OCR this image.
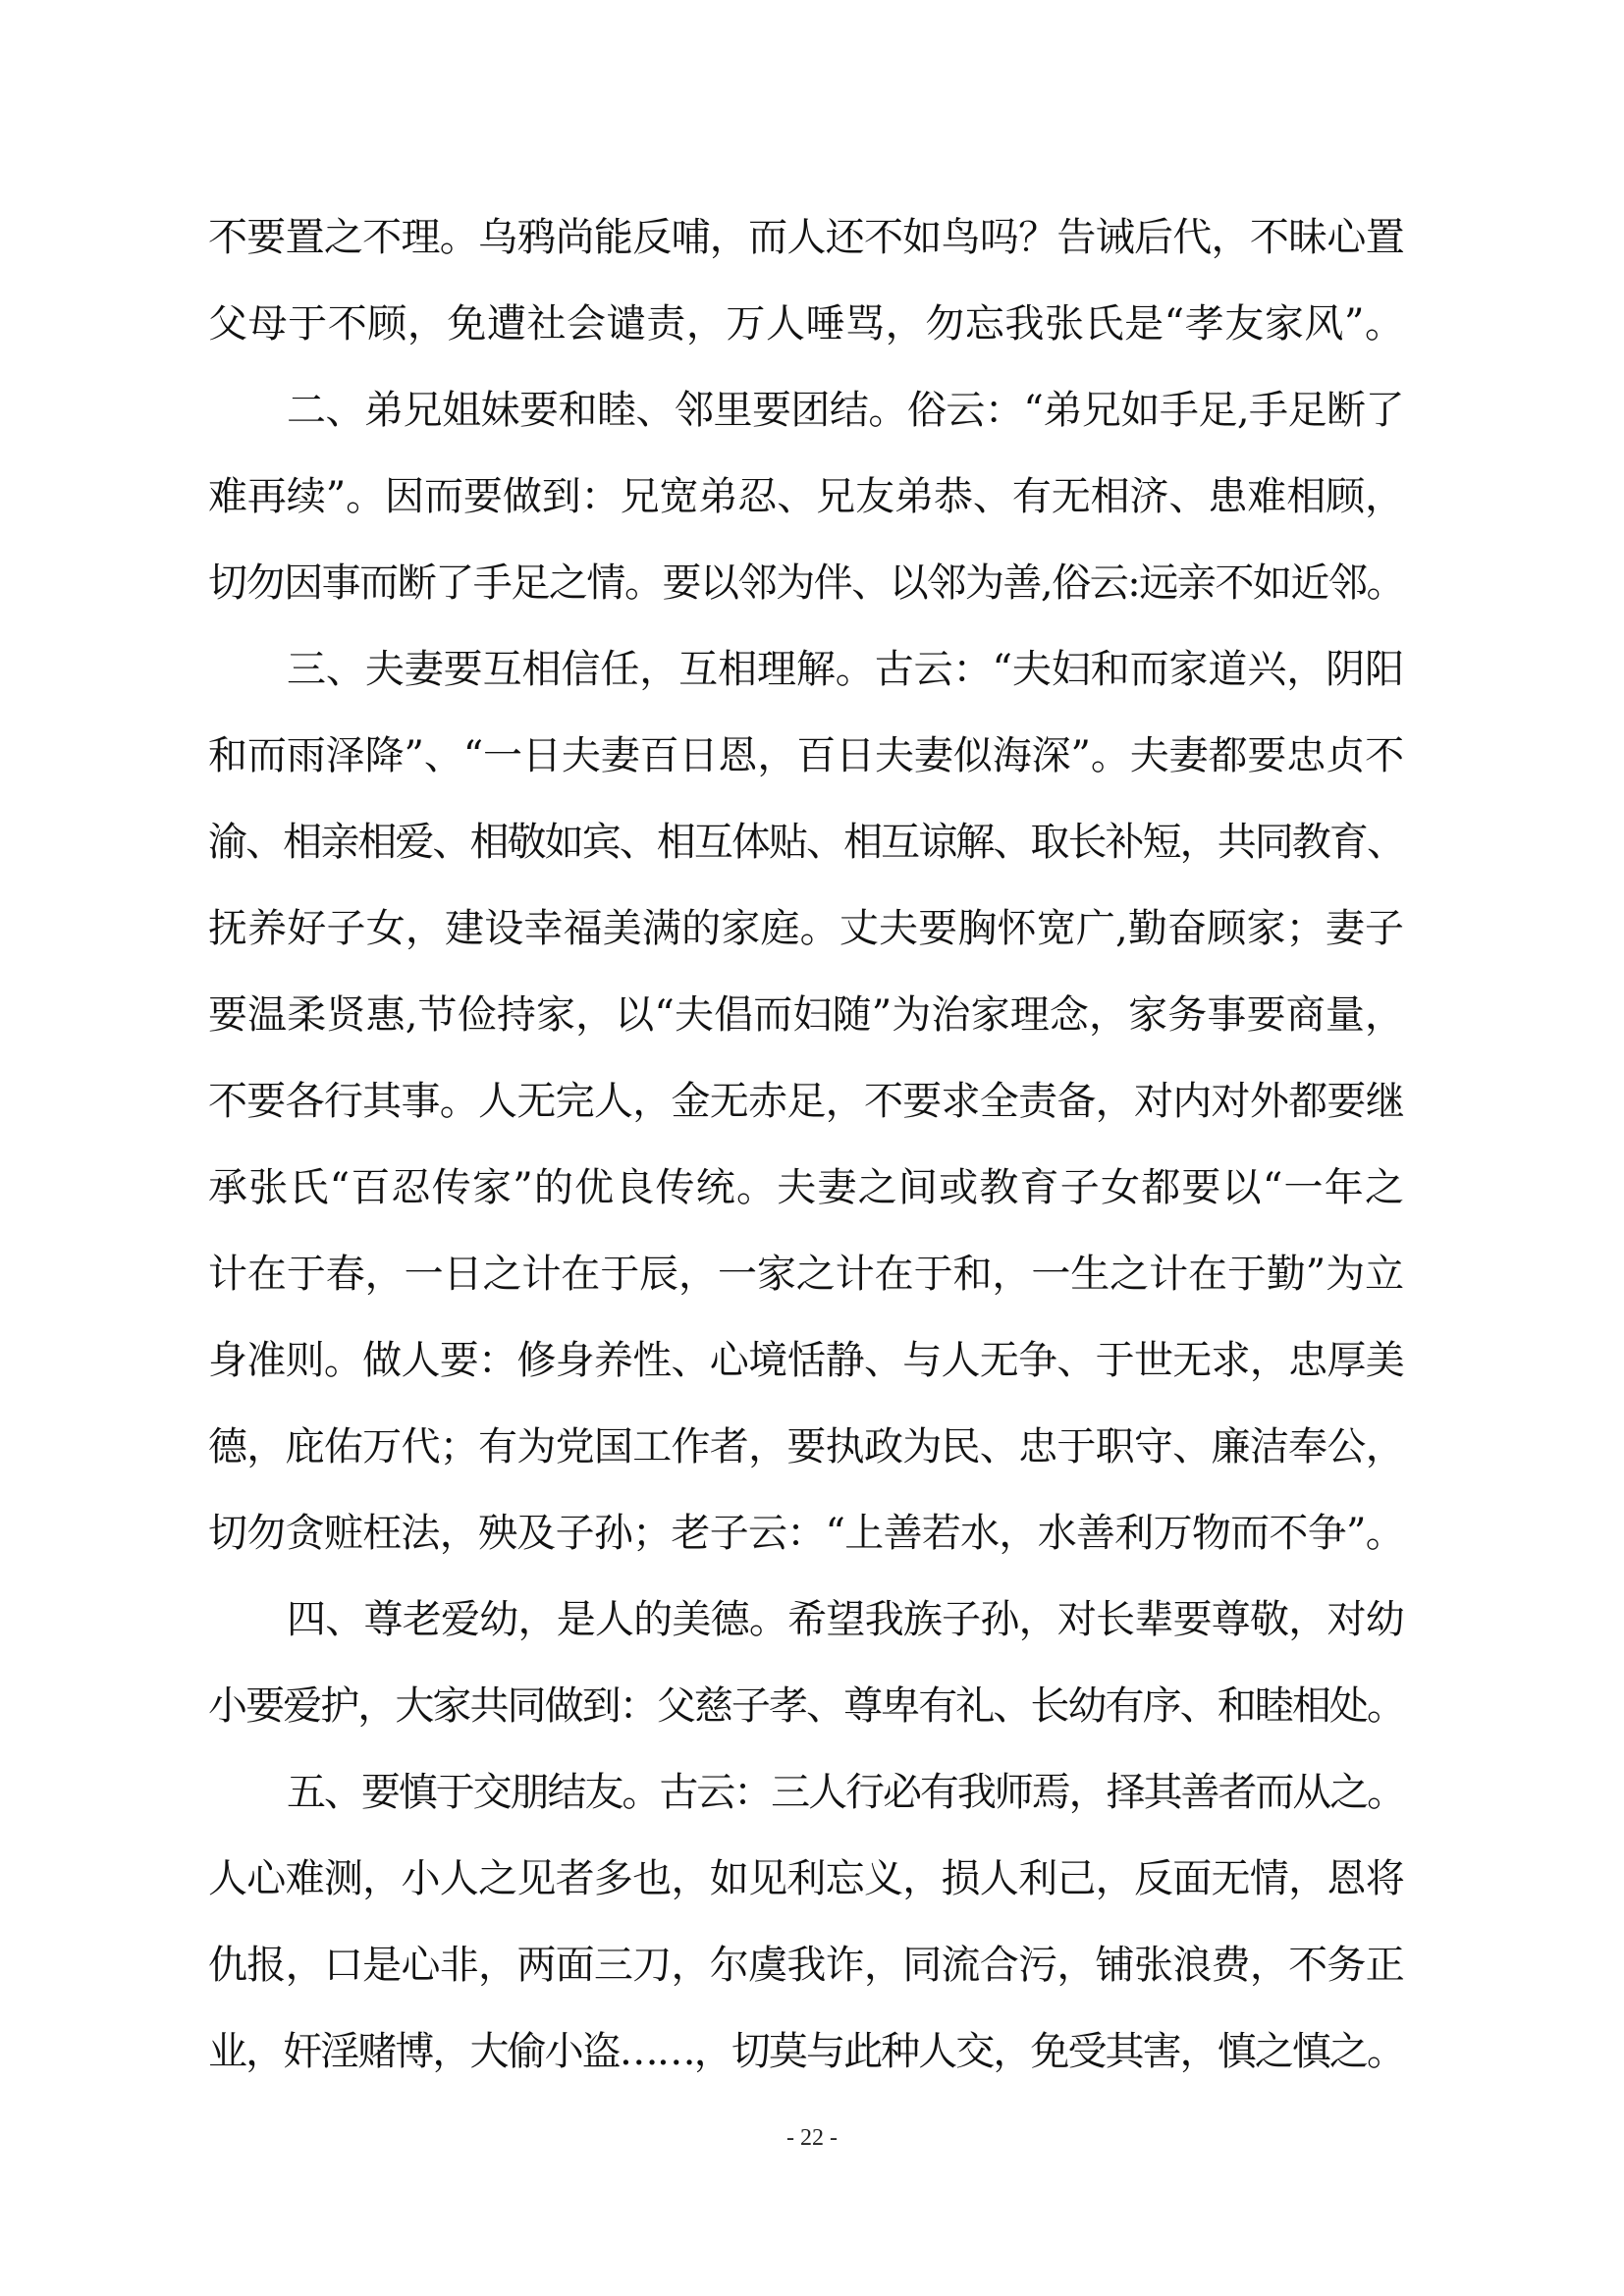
不要置之不理。乌鸦尚能反哺，而人还不如鸟吗？告诫后代，不昧心置
父母于不顾，免遭社会谴责，万人唾骂，勿忘我张氏是“孝友家风”。
二、弟兄姐妹要和睦、邻里要团结。俗云：“弟兄如手足,手足断了
难再续”。因而要做到：兄宽弟忍、兄友弟恭、有无相济、患难相顾，
切勿因事而断了手足之情。要以邻为伴、以邻为善,俗云:远亲不如近邻。
三、夫妻要互相信任，互相理解。古云：“夫妇和而家道兴，阴阳
和而雨泽降”、“一日夫妻百日恩，百日夫妻似海深”。夫妻都要忠贞不
渝、相亲相爱、相敬如宾、相互体贴、相互谅解、取长补短，共同教育、
抚养好子女，建设幸福美满的家庭。丈夫要胸怀宽广,勤奋顾家；妻子
要温柔贤惠,节俭持家，以“夫倡而妇随”为治家理念，家务事要商量，
不要各行其事。人无完人，金无赤足，不要求全责备，对内对外都要继
承张氏“百忍传家”的优良传统。夫妻之间或教育子女都要以“一年之
计在于春，一日之计在于辰，一家之计在于和，一生之计在于勤”为立
身准则。做人要：修身养性、心境恬静、与人无争、于世无求，忠厚美
德，庇佑万代；有为党国工作者，要执政为民、忠于职守、廉洁奉公，
切勿贪赃枉法，殃及子孙；老子云：“上善若水，水善利万物而不争”。
四、尊老爱幼，是人的美德。希望我族子孙，对长辈要尊敬，对幼
小要爱护，大家共同做到：父慈子孝、尊卑有礼、长幼有序、和睦相处。
五、要慎于交朋结友。古云：三人行必有我师焉，择其善者而从之。
人心难测，小人之见者多也，如见利忘义，损人利己，反面无情，恩将
仇报，口是心非，两面三刀，尔虞我诈，同流合污，铺张浪费，不务正
业，奸淫赌博，大偷小盗……，切莫与此种人交，免受其害，慎之慎之。
- 22 -
